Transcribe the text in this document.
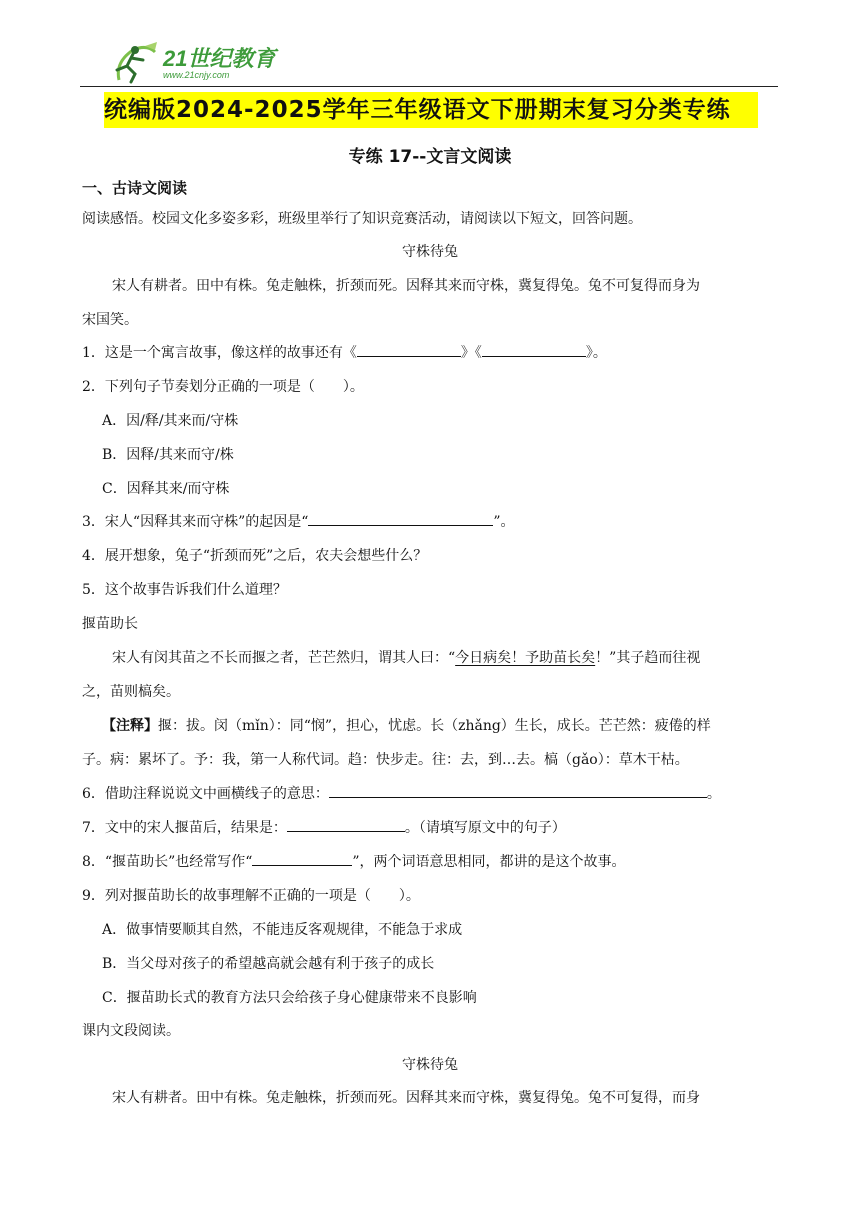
21世纪教育
www.21cnjy.com
统编版2024-2025学年三年级语文下册期末复习分类专练
专练 17--文言文阅读
一、古诗文阅读
阅读感悟。校园文化多姿多彩，班级里举行了知识竞赛活动，请阅读以下短文，回答问题。
守株待兔
宋人有耕者。田中有株。兔走触株，折颈而死。因释其来而守株，冀复得兔。兔不可复得而身为
宋国笑。
1．这是一个寓言故事，像这样的故事还有《	》《	》。
2．下列句子节奏划分正确的一项是（　　）。
A．因/释/其来而/守株
B．因释/其来而守/株
C．因释其来/而守株
3．宋人“因释其来而守株”的起因是“	”。
4．展开想象，兔子“折颈而死”之后，农夫会想些什么？
5．这个故事告诉我们什么道理？
揠苗助长
宋人有闵其苗之不长而揠之者，芒芒然归，谓其人曰：“今日病矣！予助苗长矣！”其子趋而往视
之，苗则槁矣。
【注释】揠：拔。闵（mǐn）：同“悯”，担心，忧虑。长（zhǎng）生长，成长。芒芒然：疲倦的样
子。病：累坏了。予：我，第一人称代词。趋：快步走。往：去，到…去。槁（gǎo）：草木干枯。
6．借助注释说说文中画横线子的意思：	。
7．文中的宋人揠苗后，结果是：	。（请填写原文中的句子）
8．“揠苗助长”也经常写作“	”，两个词语意思相同，都讲的是这个故事。
9．列对揠苗助长的故事理解不正确的一项是（　　）。
A．做事情要顺其自然，不能违反客观规律，不能急于求成
B．当父母对孩子的希望越高就会越有利于孩子的成长
C．揠苗助长式的教育方法只会给孩子身心健康带来不良影响
课内文段阅读。
守株待兔
宋人有耕者。田中有株。兔走触株，折颈而死。因释其来而守株，冀复得兔。兔不可复得，而身
